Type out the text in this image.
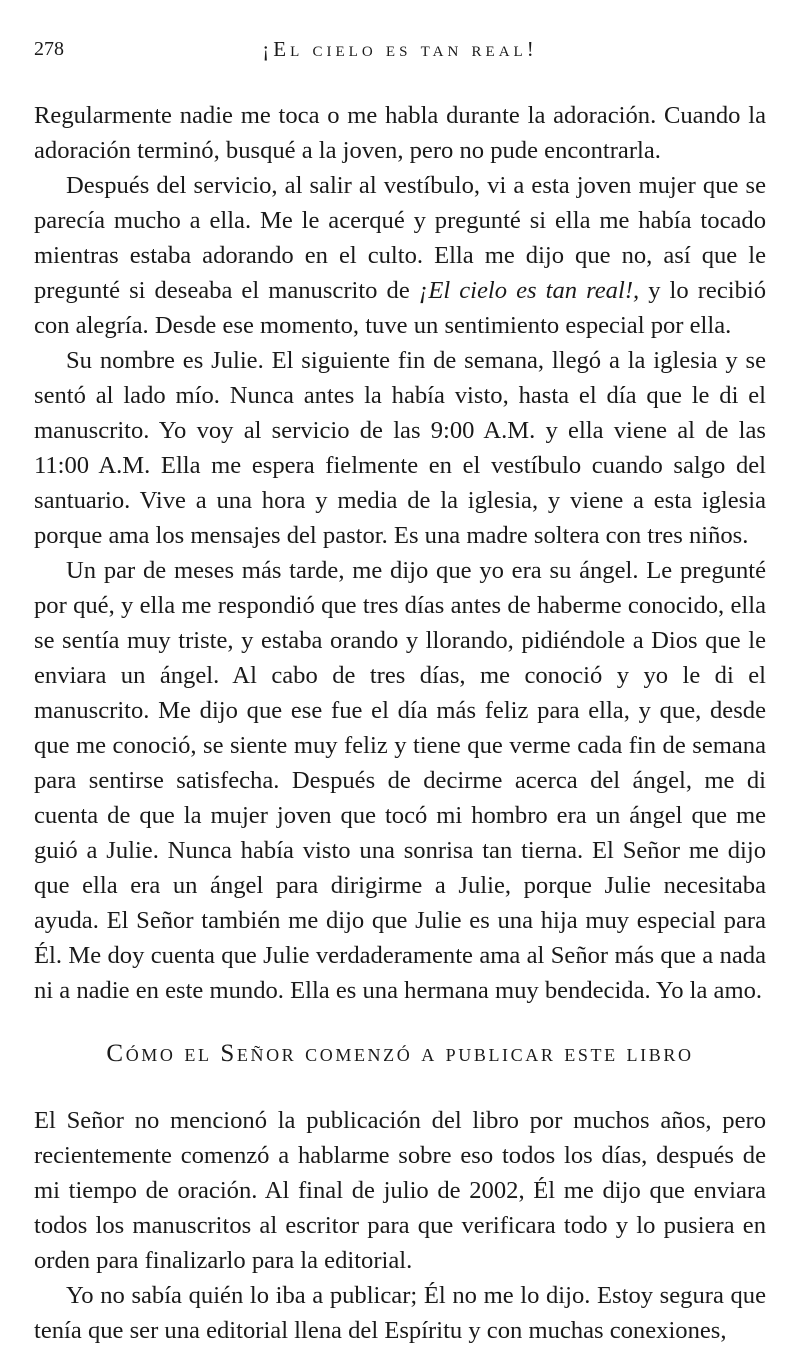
278	¡El cielo es tan real!

Regularmente nadie me toca o me habla durante la adoración. Cuando la adoración terminó, busqué a la joven, pero no pude encontrarla.

Después del servicio, al salir al vestíbulo, vi a esta joven mujer que se parecía mucho a ella. Me le acerqué y pregunté si ella me había tocado mientras estaba adorando en el culto. Ella me dijo que no, así que le pregunté si deseaba el manuscrito de ¡El cielo es tan real!, y lo recibió con alegría. Desde ese momento, tuve un sentimiento especial por ella.

Su nombre es Julie. El siguiente fin de semana, llegó a la iglesia y se sentó al lado mío. Nunca antes la había visto, hasta el día que le di el manuscrito. Yo voy al servicio de las 9:00 A.M. y ella viene al de las 11:00 A.M. Ella me espera fielmente en el vestíbulo cuando salgo del santuario. Vive a una hora y media de la iglesia, y viene a esta iglesia porque ama los mensajes del pastor. Es una madre soltera con tres niños.

Un par de meses más tarde, me dijo que yo era su ángel. Le pregunté por qué, y ella me respondió que tres días antes de haberme conocido, ella se sentía muy triste, y estaba orando y llorando, pidiéndole a Dios que le enviara un ángel. Al cabo de tres días, me conoció y yo le di el manuscrito. Me dijo que ese fue el día más feliz para ella, y que, desde que me conoció, se siente muy feliz y tiene que verme cada fin de semana para sentirse satisfecha. Después de decirme acerca del ángel, me di cuenta de que la mujer joven que tocó mi hombro era un ángel que me guió a Julie. Nunca había visto una sonrisa tan tierna. El Señor me dijo que ella era un ángel para dirigirme a Julie, porque Julie necesitaba ayuda. El Señor también me dijo que Julie es una hija muy especial para Él. Me doy cuenta que Julie verdaderamente ama al Señor más que a nada ni a nadie en este mundo. Ella es una hermana muy bendecida. Yo la amo.

Cómo el Señor comenzó a publicar este libro

El Señor no mencionó la publicación del libro por muchos años, pero recientemente comenzó a hablarme sobre eso todos los días, después de mi tiempo de oración. Al final de julio de 2002, Él me dijo que enviara todos los manuscritos al escritor para que verificara todo y lo pusiera en orden para finalizarlo para la editorial.

Yo no sabía quién lo iba a publicar; Él no me lo dijo. Estoy segura que tenía que ser una editorial llena del Espíritu y con muchas conexiones,
